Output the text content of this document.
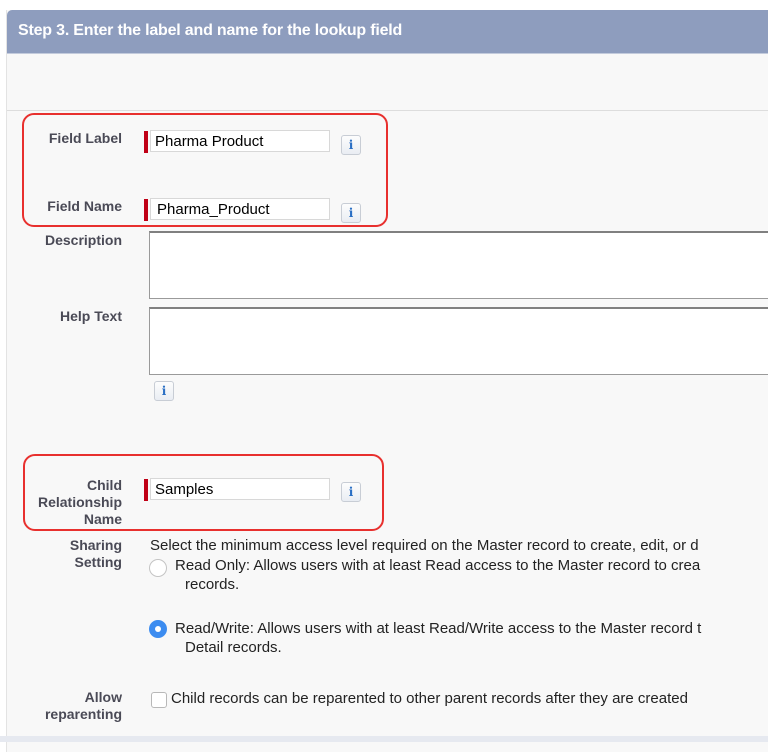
Step 3. Enter the label and name for the lookup field
Field Label
Pharma Product	i
Field Name
Pharma_Product	i
Description
Help Text
i
Child
Relationship
Name
Samples
i
Sharing
Setting
Select the minimum access level required on the Master record to create, edit, or d
Read Only: Allows users with at least Read access to the Master record to crea
records.
Read/Write: Allows users with at least Read/Write access to the Master record t
Detail records.
Allow
reparenting
Child records can be reparented to other parent records after they are created
